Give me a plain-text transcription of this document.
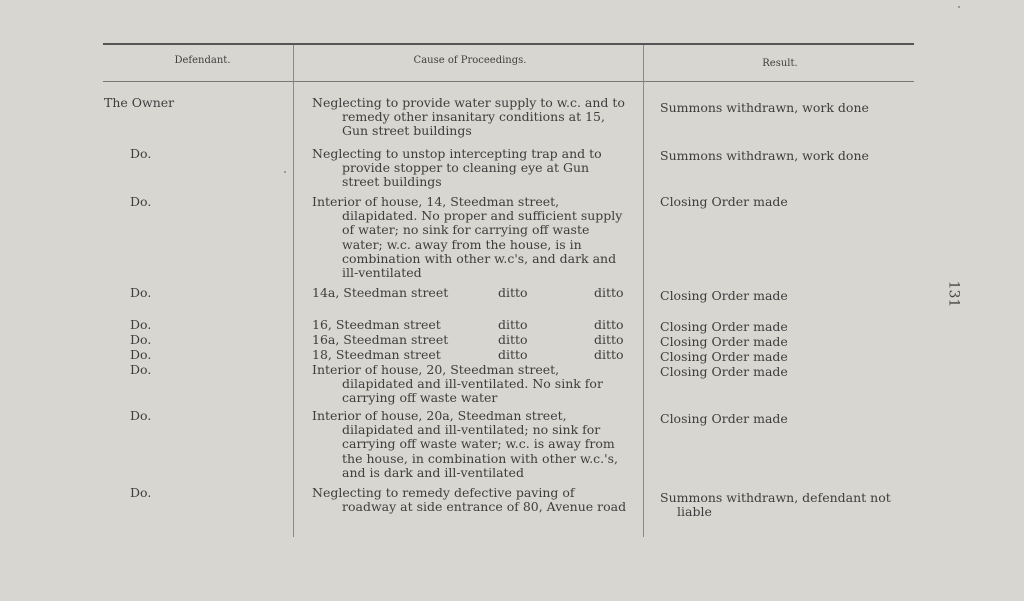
Defendant.	Cause of Proceedings.	Result.
The Owner	Neglecting to provide water supply to w.c. and to remedy other insanitary conditions at 15, Gun street buildings
Summons withdrawn, work done
Do.	Neglecting to unstop intercepting trap and to provide stopper to cleaning eye at Gun street buildings
Summons withdrawn, work done
Do.	Interior of house, 14, Steedman street, dilapidated. No proper and sufficient supply of water; no sink for carrying off waste water; w.c. away from the house, is in combination with other w.c's, and dark and ill-ventilated
Closing Order made
Do.	14a, Steedman street	ditto	ditto	Closing Order made
Do.	16, Steedman street	ditto	ditto	Closing Order made
Do.	16a, Steedman street	ditto	ditto	Closing Order made
Do.	18, Steedman street	ditto	ditto	Closing Order made
Do.	Interior of house, 20, Steedman street, dilapidated and ill-ventilated. No sink for carrying off waste water
Closing Order made
Do.	Interior of house, 20a, Steedman street, dilapidated and ill-ventilated; no sink for carrying off waste water; w.c. is away from the house, in combination with other w.c.'s, and is dark and ill-ventilated
Closing Order made
Do.	Neglecting to remedy defective paving of roadway at side entrance of 80, Avenue road
Summons withdrawn, defendant not liable
131
